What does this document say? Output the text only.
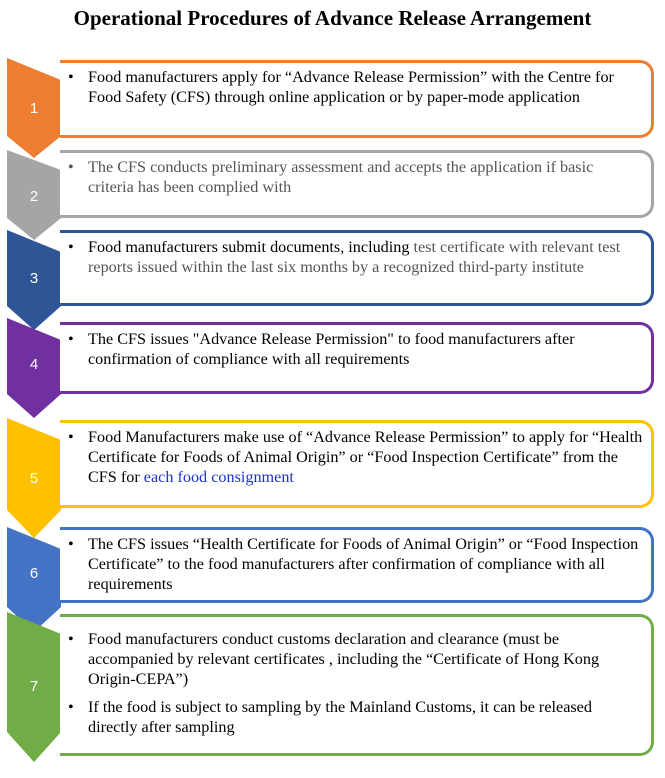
Operational Procedures of Advance Release Arrangement
1
• Food manufacturers apply for “Advance Release Permission” with the Centre for Food Safety (CFS) through online application or by paper-mode application
2
• The CFS conducts preliminary assessment and accepts the application if basic criteria has been complied with
3
• Food manufacturers submit documents, including test certificate with relevant test reports issued within the last six months by a recognized third-party institute
4
• The CFS issues "Advance Release Permission" to food manufacturers after confirmation of compliance with all requirements
5
• Food Manufacturers make use of “Advance Release Permission” to apply for “Health Certificate for Foods of Animal Origin” or “Food Inspection Certificate” from the CFS for each food consignment
6
• The CFS issues “Health Certificate for Foods of Animal Origin” or “Food Inspection Certificate” to the food manufacturers after confirmation of compliance with all requirements
7
• Food manufacturers conduct customs declaration and clearance (must be accompanied by relevant certificates , including the “Certificate of Hong Kong Origin-CEPA”)
• If the food is subject to sampling by the Mainland Customs, it can be released directly after sampling
